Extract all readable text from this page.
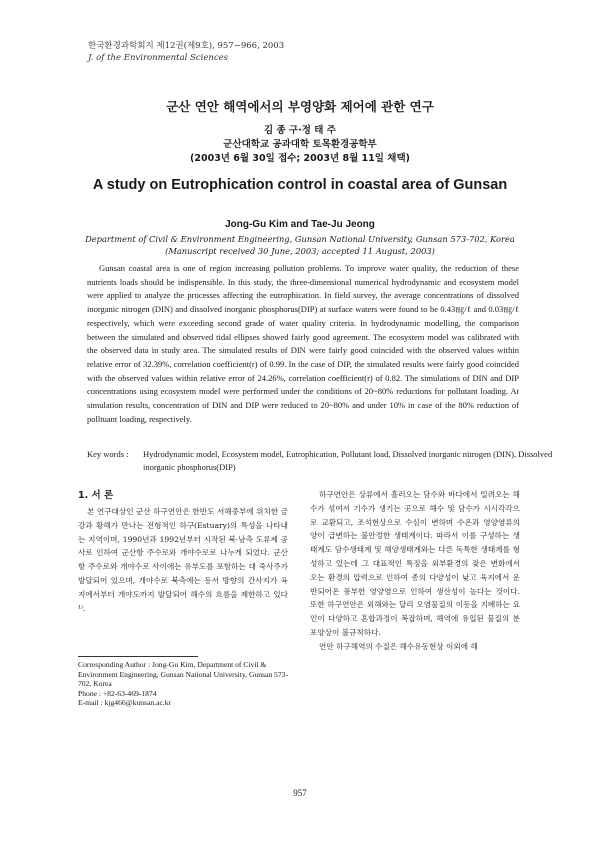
한국환경과학회지 제12권(제9호), 957~966, 2003
J. of the Environmental Sciences
군산 연안 해역에서의 부영양화 제어에 관한 연구
김 종 구·정 태 주
군산대학교 공과대학 토목환경공학부
(2003년 6월 30일 접수; 2003년 8월 11일 채택)
A study on Eutrophication control in coastal area of Gunsan
Jong-Gu Kim and Tae-Ju Jeong
Department of Civil & Environment Engineering, Gunsan National University, Gunsan 573-702, Korea
(Manuscript received 30 June, 2003; accepted 11 August, 2003)
Gunsan coastal area is one of region increasing pollution problems. To improve water quality, the reduction of these nutrients loads should be indispensible. In this study, the three-dimensional numerical hydrodynamic and ecosystem model were applied to analyze the processes affecting the eutrophication. In field survey, the average concentrations of dissolved inorganic nitrogen (DIN) and dissolved inorganic phosphorus(DIP) at surface waters were found to be 0.43㎎/ℓ and 0.03㎎/ℓ respectively, which were exceeding second grade of water quality criteria. In hydrodynamic modelling, the comparison between the simulated and observed tidal ellipses showed fairly good agreement. The ecosystem model was calibrated with the observed data in study area. The simulated results of DIN were fairly good coincided with the observed values within relative error of 32.39%, correlation coefficient(r) of 0.99. In the case of DIP, the simulated results were fairly good coincided with the observed values within relative error of 24.26%, correlation coefficient(r) of 0.82. The simulations of DIN and DIP concentrations using ecosystem model were performed under the conditions of 20~80% reductions for pollutant loading. At simulation results, concentration of DIN and DIP were reduced to 20~80% and under 10% in case of the 80% reduction of polltuant loading, respectively.
Key words : Hydrodynamic model, Ecosystem model, Eutrophication, Pollutant load, Dissolved inorganic nitrogen (DIN), Dissolved inorganic phosphorus(DIP)
1. 서 론

본 연구대상인 군산 하구연안은 한반도 서해중부에 위치한 금강과 황해가 만나는 전형적인 하구(Estuary)의 특성을 나타내는 지역이며, 1990년과 1992년부터 시작된 북·남측 도류제 공사로 인하여 군산항 주수로와 개야수로로 나누게 되었다. 군산항 주수로와 개야수로 사이에는 유부도를 포함하는 대 죽사주가 발달되어 있으며, 개야수로 북측에는 동서 방향의 간사지가 육지에서부터 개야도까지 발달되어 해수의 흐름을 제한하고 있다¹⁾.

하구연안은 상류에서 흘러오는 담수와 바다에서 밀려오는 해수가 섞여서 기수가 생기는 곳으로 해수 및 담수가 시시각각으로 교환되고, 조석현상으로 수심이 변하며 수온과 영양염류의 양이 급변하는 불안정한 생태계이다. 따라서 이를 구성하는 생태계도 담수생태계 및 해양생태계와는 다른 독특한 생태계를 형성하고 있는데 그 대표적인 특징을 외부환경의 잦은 변화에서 오는 환경의 압력으로 인하여 종의 다양성이 낮고 육지에서 운반되어온 풍부한 영양염으로 인하여 생산성이 높다는 것이다. 또한 하구연안은 외해와는 달리 오염물질의 이동을 지배하는 요인이 다양하고 혼합과정이 복잡하며, 해역에 유입된 물질의 분포양상이 불규칙하다.

연안 하구해역의 수질은 해수유동현상 이외에 해

Corresponding Author : Jong-Gu Kim, Department of Civil & Environment Engineering, Gunsan National University, Gunsan 573-702, Korea

Phone : +82-63-469-1874

E-mail : kjg466@kunsan.ac.kr

957
